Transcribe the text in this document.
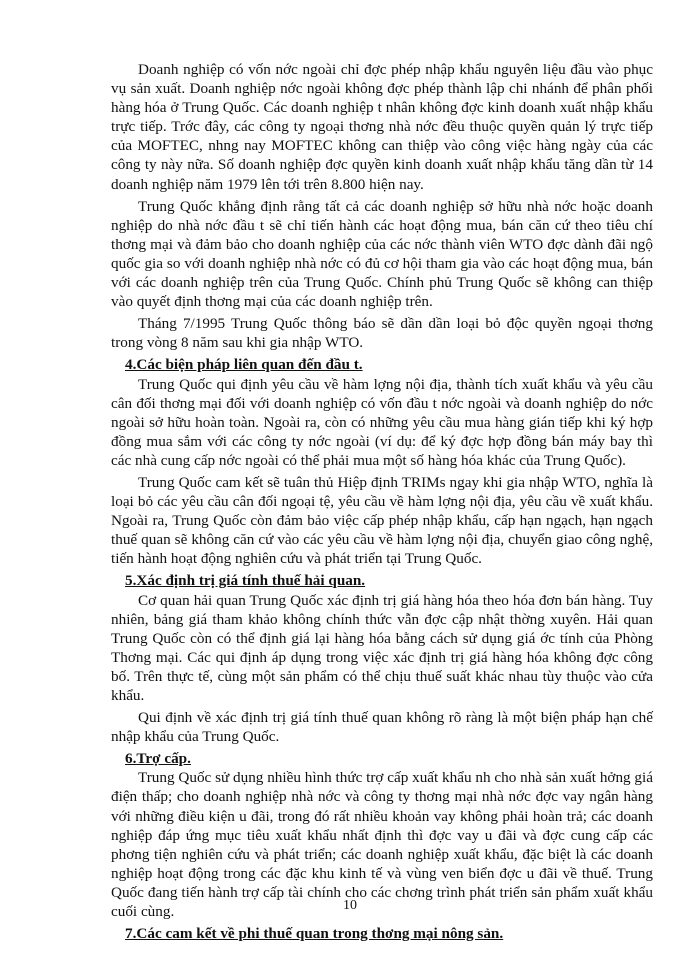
Doanh nghiệp có vốn nớc ngoài chỉ đợc phép nhập khẩu nguyên liệu đầu vào phục vụ sản xuất. Doanh nghiệp nớc ngoài không đợc phép thành lập chi nhánh để phân phối hàng hóa ở Trung Quốc. Các doanh nghiệp t nhân không đợc kinh doanh xuất nhập khẩu trực tiếp. Trớc đây, các công ty ngoại thơng nhà nớc đều thuộc quyền quản lý trực tiếp của MOFTEC, nhng nay MOFTEC không can thiệp vào công việc hàng ngày của các công ty này nữa. Số doanh nghiệp đợc quyền kinh doanh xuất nhập khẩu tăng dần từ 14 doanh nghiệp năm 1979 lên tới trên 8.800 hiện nay.

Trung Quốc khẳng định rằng tất cả các doanh nghiệp sở hữu nhà nớc hoặc doanh nghiệp do nhà nớc đầu t sẽ chỉ tiến hành các hoạt động mua, bán căn cứ theo tiêu chí thơng mại và đảm bảo cho doanh nghiệp của các nớc thành viên WTO đợc dành đãi ngộ quốc gia so với doanh nghiệp nhà nớc có đủ cơ hội tham gia vào các hoạt động mua, bán với các doanh nghiệp trên của Trung Quốc. Chính phủ Trung Quốc sẽ không can thiệp vào quyết định thơng mại của các doanh nghiệp trên.

Tháng 7/1995 Trung Quốc thông báo sẽ dần dần loại bỏ độc quyền ngoại thơng trong vòng 8 năm sau khi gia nhập WTO.

4.Các biện pháp liên quan đến đầu t.

Trung Quốc qui định yêu cầu về hàm lợng nội địa, thành tích xuất khẩu và yêu cầu cân đối thơng mại đối với doanh nghiệp có vốn đầu t nớc ngoài và doanh nghiệp do nớc ngoài sở hữu hoàn toàn. Ngoài ra, còn có những yêu cầu mua hàng gián tiếp khi ký hợp đồng mua sắm với các công ty nớc ngoài (ví dụ: để ký đợc hợp đồng bán máy bay thì các nhà cung cấp nớc ngoài có thể phải mua một số hàng hóa khác của Trung Quốc).

Trung Quốc cam kết sẽ tuân thủ Hiệp định TRIMs ngay khi gia nhập WTO, nghĩa là loại bỏ các yêu cầu cân đối ngoại tệ, yêu cầu về hàm lợng nội địa, yêu cầu về xuất khẩu. Ngoài ra, Trung Quốc còn đảm bảo việc cấp phép nhập khẩu, cấp hạn ngạch, hạn ngạch thuế quan sẽ không căn cứ vào các yêu cầu về hàm lợng nội địa, chuyển giao công nghệ, tiến hành hoạt động nghiên cứu và phát triển tại Trung Quốc.

5.Xác định trị giá tính thuế hải quan.

Cơ quan hải quan Trung Quốc xác định trị giá hàng hóa theo hóa đơn bán hàng. Tuy nhiên, bảng giá tham khảo không chính thức vẫn đợc cập nhật thờng xuyên. Hải quan Trung Quốc còn có thể định giá lại hàng hóa bằng cách sử dụng giá ớc tính của Phòng Thơng mại. Các qui định áp dụng trong việc xác định trị giá hàng hóa không đợc công bố. Trên thực tế, cùng một sản phẩm có thể chịu thuế suất khác nhau tùy thuộc vào cửa khẩu.

Qui định về xác định trị giá tính thuế quan không rõ ràng là một biện pháp hạn chế nhập khẩu của Trung Quốc.

6.Trợ cấp.

Trung Quốc sử dụng nhiều hình thức trợ cấp xuất khẩu nh cho nhà sản xuất hởng giá điện thấp; cho doanh nghiệp nhà nớc và công ty thơng mại nhà nớc đợc vay ngân hàng với những điều kiện u đãi, trong đó rất nhiều khoản vay không phải hoàn trả; các doanh nghiệp đáp ứng mục tiêu xuất khẩu nhất định thì đợc vay u đãi và đợc cung cấp các phơng tiện nghiên cứu và phát triển; các doanh nghiệp xuất khẩu, đặc biệt là các doanh nghiệp hoạt động trong các đặc khu kinh tế và vùng ven biển đợc u đãi về thuế. Trung Quốc đang tiến hành trợ cấp tài chính cho các chơng trình phát triển sản phẩm xuất khẩu cuối cùng.

7.Các cam kết về phi thuế quan trong thơng mại nông sản.
10
